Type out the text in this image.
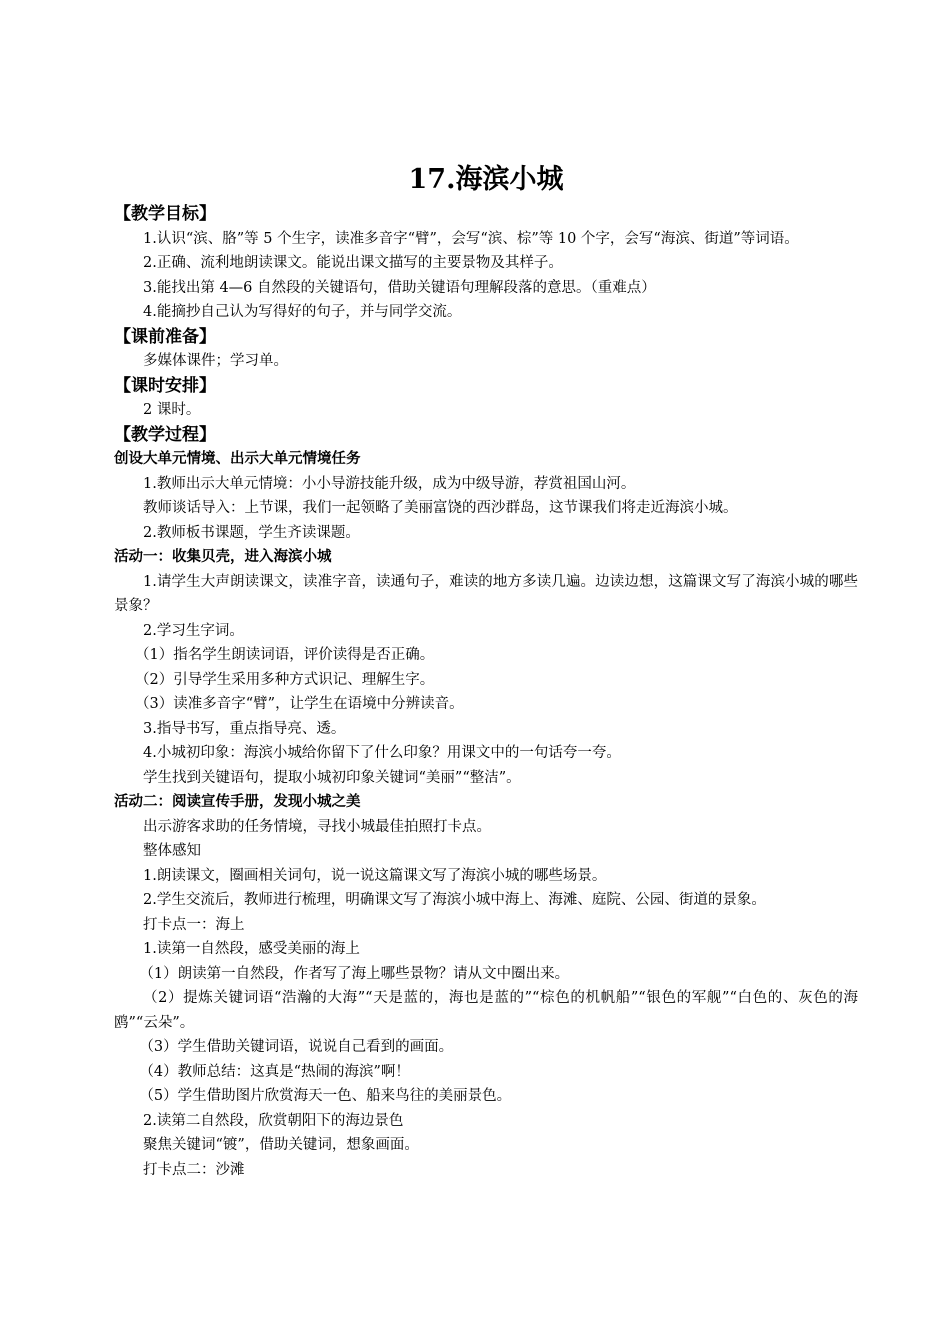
17.海滨小城

【教学目标】

1.认识“滨、胳”等 5 个生字，读准多音字“臂”，会写“滨、棕”等 10 个字，会写“海滨、街道”等词语。

2.正确、流利地朗读课文。能说出课文描写的主要景物及其样子。

3.能找出第 4—6 自然段的关键语句，借助关键语句理解段落的意思。（重难点）

4.能摘抄自己认为写得好的句子，并与同学交流。

【课前准备】

多媒体课件；学习单。

【课时安排】

2 课时。

【教学过程】

创设大单元情境、出示大单元情境任务

1.教师出示大单元情境：小小导游技能升级，成为中级导游，荐赏祖国山河。

教师谈话导入：上节课，我们一起领略了美丽富饶的西沙群岛，这节课我们将走近海滨小城。

2.教师板书课题，学生齐读课题。

活动一：收集贝壳，进入海滨小城

1.请学生大声朗读课文，读准字音，读通句子，难读的地方多读几遍。边读边想，这篇课文写了海滨小城的哪些景象？

2.学习生字词。

（1）指名学生朗读词语，评价读得是否正确。

（2）引导学生采用多种方式识记、理解生字。

（3）读准多音字“臂”，让学生在语境中分辨读音。

3.指导书写，重点指导亮、透。

4.小城初印象：海滨小城给你留下了什么印象？用课文中的一句话夸一夸。

学生找到关键语句，提取小城初印象关键词“美丽”“整洁”。

活动二：阅读宣传手册，发现小城之美

出示游客求助的任务情境，寻找小城最佳拍照打卡点。

整体感知

1.朗读课文，圈画相关词句，说一说这篇课文写了海滨小城的哪些场景。

2.学生交流后，教师进行梳理，明确课文写了海滨小城中海上、海滩、庭院、公园、街道的景象。

打卡点一：海上

1.读第一自然段，感受美丽的海上

（1）朗读第一自然段，作者写了海上哪些景物？请从文中圈出来。

（2）提炼关键词语“浩瀚的大海”“天是蓝的，海也是蓝的”“棕色的机帆船”“银色的军舰”“白色的、灰色的海鸥”“云朵”。

（3）学生借助关键词语，说说自己看到的画面。

（4）教师总结：这真是“热闹的海滨”啊！

（5）学生借助图片欣赏海天一色、船来鸟往的美丽景色。

2.读第二自然段，欣赏朝阳下的海边景色

聚焦关键词“镀”，借助关键词，想象画面。

打卡点二：沙滩
